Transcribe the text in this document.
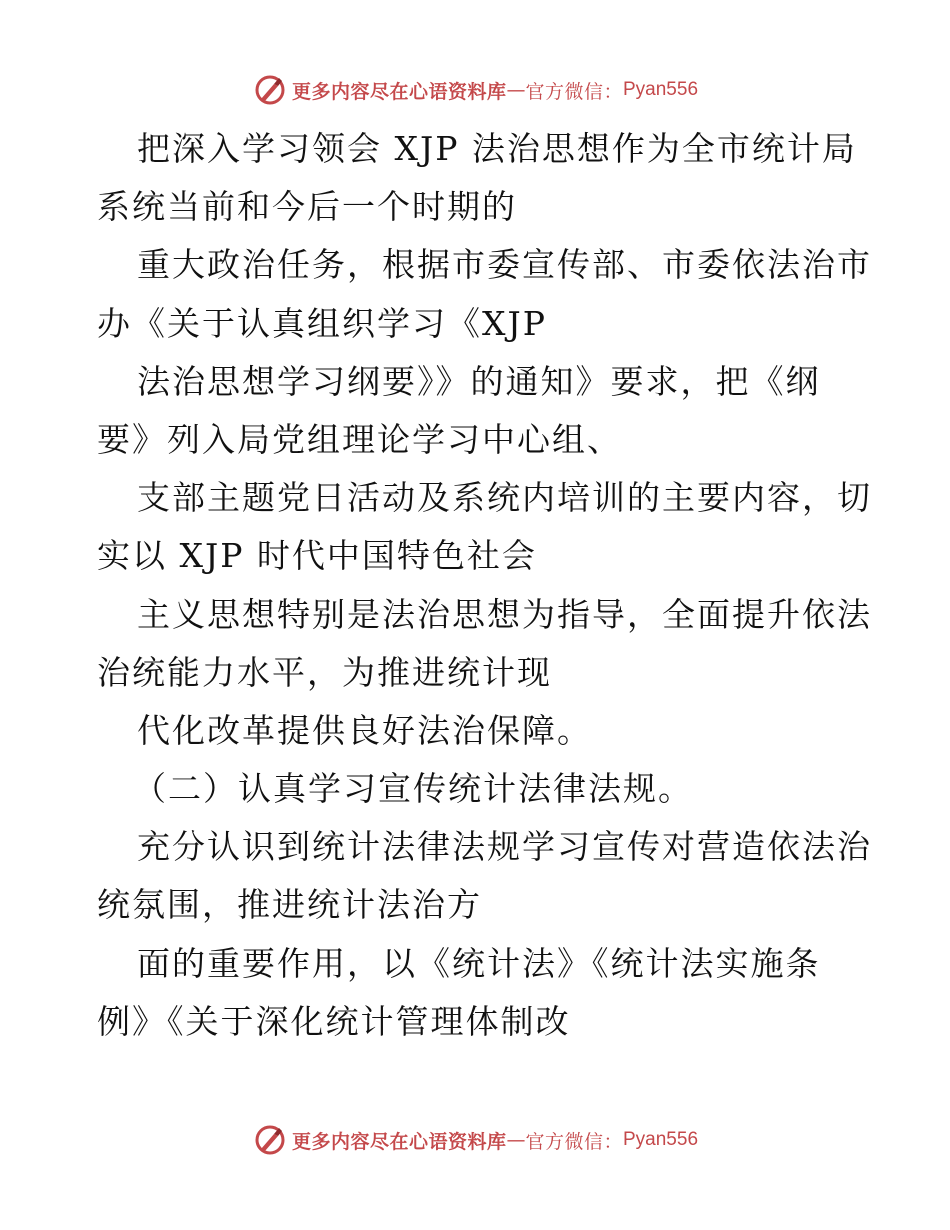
更多内容尽在心语资料库 — 官方微信： Pyan556
把深入学习领会 XJP 法治思想作为全市统计局
系统当前和今后一个时期的
重大政治任务，根据市委宣传部、市委依法治市
办《关于认真组织学习《XJP
法治思想学习纲要》》的通知》要求，把《纲
要》列入局党组理论学习中心组、
支部主题党日活动及系统内培训的主要内容，切
实以 XJP 时代中国特色社会
主义思想特别是法治思想为指导，全面提升依法
治统能力水平，为推进统计现
代化改革提供良好法治保障。
（二）认真学习宣传统计法律法规。
充分认识到统计法律法规学习宣传对营造依法治
统氛围，推进统计法治方
面的重要作用，以《统计法》《统计法实施条
例》《关于深化统计管理体制改
更多内容尽在心语资料库 — 官方微信： Pyan556
